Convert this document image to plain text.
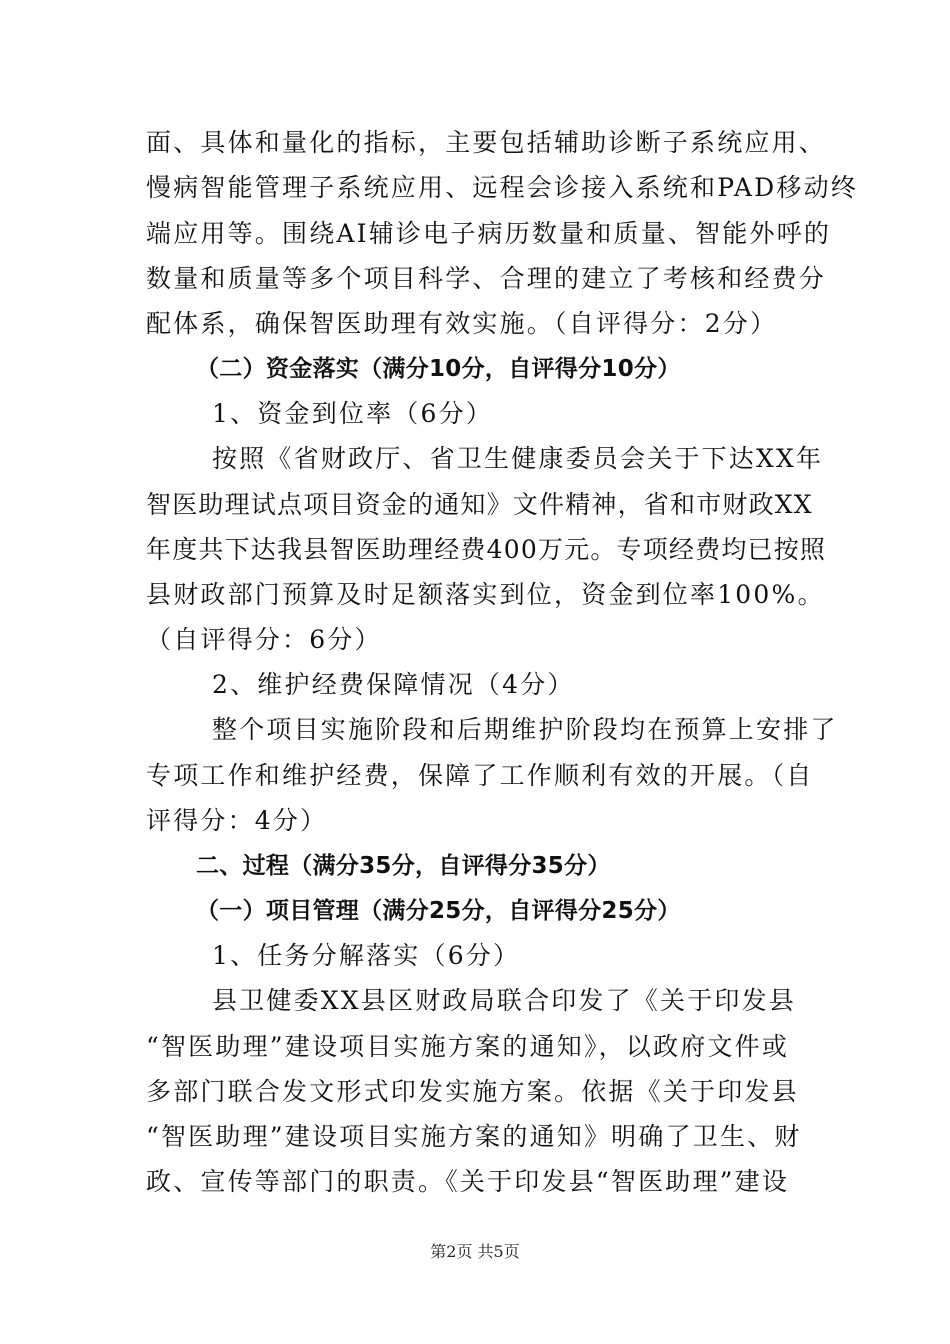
面、具体和量化的指标，主要包括辅助诊断子系统应用、
慢病智能管理子系统应用、远程会诊接入系统和PAD移动终
端应用等。围绕AI辅诊电子病历数量和质量、智能外呼的
数量和质量等多个项目科学、合理的建立了考核和经费分
配体系，确保智医助理有效实施。（自评得分：2分）
（二）资金落实（满分10分，自评得分10分）
1、资金到位率（6分）
按照《省财政厅、省卫生健康委员会关于下达XX年
智医助理试点项目资金的通知》文件精神，省和市财政XX
年度共下达我县智医助理经费400万元。专项经费均已按照
县财政部门预算及时足额落实到位，资金到位率100%。
（自评得分：6分）
2、维护经费保障情况（4分）
整个项目实施阶段和后期维护阶段均在预算上安排了
专项工作和维护经费，保障了工作顺利有效的开展。（自
评得分：4分）
二、过程（满分35分，自评得分35分）
（一）项目管理（满分25分，自评得分25分）
1、任务分解落实（6分）
县卫健委XX县区财政局联合印发了《关于印发县
“智医助理”建设项目实施方案的通知》，以政府文件或
多部门联合发文形式印发实施方案。依据《关于印发县
“智医助理”建设项目实施方案的通知》明确了卫生、财
政、宣传等部门的职责。《关于印发县“智医助理”建设
第2页 共5页
